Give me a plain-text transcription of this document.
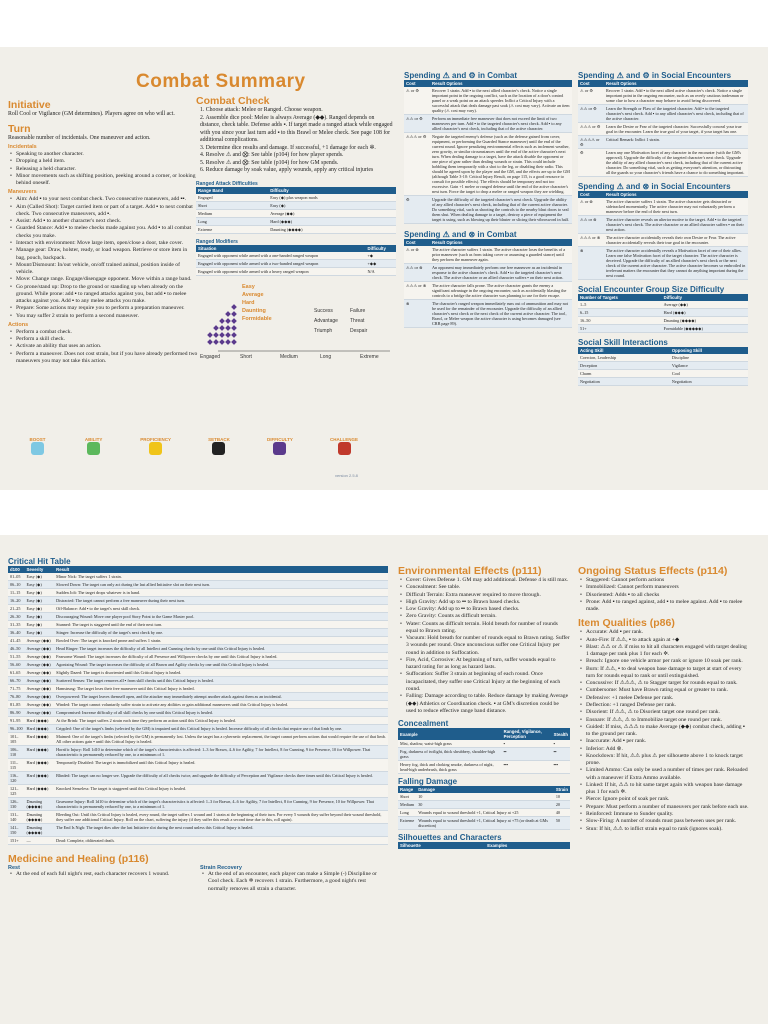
Combat Summary
Initiative

Roll Cool or Vigilance (GM determines). Players agree on who will act.

Turn

Reasonable number of incidentals. One maneuver and action.

Incidentals

• Speaking to another character.

• Dropping a held item.

• Releasing a held character.

• Minor movements such as shifting position, peeking around a corner, or looking behind oneself.

Maneuvers

• Aim: Add ▪ to your next combat check. Two consecutive maneuvers, add ▪▪.

• Aim (Called Shot): Target carried item or part of a target. Add ▪ to next combat check. Two consecutive maneuvers, add ▪.

• Assist: Add ▪ to another character's next check.

• Guarded Stance: Add ▪ to melee checks made against you. Add ▪ to all combat checks you make.

• Interact with environment: Move large item, open/close a door, take cover.

• Manage gear: Draw, holster, ready, or load weapon. Retrieve or store item in bag, pouch, backpack.

• Mount/Dismount: In/out vehicle, on/off trained animal, position inside of vehicle.

• Move: Change range. Engage/disengage opponent. Move within a range band.

• Go prone/stand up: Drop to the ground or standing up when already on the ground. While prone: add ▪ to ranged attacks against you, but add ▪ to melee attacks against you. Add ▪ to any melee attacks you make.

• Prepare: Some actions may require you to perform a preparation maneuver.

• You may suffer 2 strain to perform a second maneuver.

Actions

• Perform a combat check.

• Perform a skill check.

• Activate an ability that uses an action.

• Perform a maneuver. Does not cost strain, but if you have already performed two maneuvers you may not take this action.

Combat Check

1. Choose attack: Melee or Ranged. Choose weapon.

2. Assemble dice pool: Melee is always Average (◆◆). Ranged depends on distance, check table. Defense adds ▪. If target made a ranged attack while engaged with you since your last turn add ▪ to this Brawl or Melee check. See page 108 for additional complications.

3. Determine dice results and damage. If successful, +1 damage for each ✲.

4. Resolve ⚠ and ⨂: See table (p104) for how player spends.

5. Resolve ⚠ and ⨂: See table (p104) for how GM spends.

6. Reduce damage by soak value, apply wounds, apply any critical injuries

Ranged Attack Difficulties
Range Band	Difficulty
Engaged	Easy (◆) plus weapon mods
Short	Easy (◆)
Medium	Average (◆◆)
Long	Hard (◆◆◆)
Extreme	Daunting (◆◆◆◆)
Ranged Modifiers
Situation	Difficulty
Engaged with opponent while armed with a one-handed ranged weapon	+◆
Engaged with opponent while armed with a two-handed ranged weapon	+◆◆
Engaged with opponent while armed with a heavy ranged weapon	N/A
Easy
Average
Hard
Daunting
Formidable
Engaged	Short	Medium	Long	Extreme
Success	Failure
Advantage Threat
Triumph	Despair
BOOST	ABILITY	PROFICIENCY	SETBACK	DIFFICULTY	CHALLENGE
Spending ⚠ and ⚙ in Combat
Cost	Result Options
⚠ or ⚙	Recover 1 strain. Add ▪ to the next allied character's check. Notice a single important point in the ongoing conflict, such as the location of a door's control panel or a weak point on an attack speeder. Inflict a Critical Injury with a successful attack that deals damage past soak (⚠ cost may vary). Activate an item quality (⚠ cost may vary).
⚠⚠ or ⚙	Perform an immediate free maneuver that does not exceed the limit of two maneuvers per turn. Add ▪ to the targeted character's next check. Add ▪ to any allied character's next check, including that of the active character.
⚠⚠⚠ or ⚙	Negate the targeted enemy's defense (such as the defense gained from cover, equipment, or performing the Guarded Stance maneuver) until the end of the current round. Ignore penalizing environmental effects such as inclement weather, zero gravity, or similar circumstances until the end of the active character's next turn. When dealing damage to a target, have the attack disable the opponent or one piece of gear rather than dealing wounds or strain. This could include hobbling them temporarily with a shot to the leg, or disabling their radio. This should be agreed upon by the player and the GM, and the effects are up to the GM (although Table 3-10: Critical Injury Result, on page 115, is a good resource to consult for possible effects). The effects should be temporary and not too excessive. Gain +1 melee or ranged defense until the end of the active character's next turn. Force the target to drop a melee or ranged weapon they are wielding.
⚙	Upgrade the difficulty of the targeted character's next check. Upgrade the ability of any allied character's next check, including that of the current active character. Do something vital, such as shooting the controls to the nearby blast doors to seal them shut. When dealing damage to a target, destroy a piece of equipment the target is using, such as blowing up their blaster or slicing their vibrosword in half.
Spending ⚠ and ⊗ in Combat
Cost	Result Options
⚠ or ⊗	The active character suffers 1 strain. The active character loses the benefits of a prior maneuver (such as from taking cover or assuming a guarded stance) until they perform the maneuver again.
⚠⚠ or ⊗	An opponent may immediately perform one free maneuver as an incidental in response to the active character's check. Add ▪ to the targeted character's next check. The active character or an allied character suffers ▪ on their next action.
⚠⚠⚠ or ⊗	The active character falls prone. The active character grants the enemy a significant advantage in the ongoing encounter, such as accidentally blasting the controls to a bridge the active character was planning to use for their escape.
⊗	The character's ranged weapon immediately runs out of ammunition and may not be used for the remainder of the encounter. Upgrade the difficulty of an allied character's next check or the next check of the current active character. The tool, Brawl, or Melee weapon the active character is using becomes damaged (see CRB page 89).
Spending ⚠ and ⚙ in Social Encounters
Cost	Result Options
⚠ or ⚙	Recover 1 strain. Add ▪ to the next allied active character's check. Notice a single important point in the ongoing encounter, such as an overly cautious tradesman or some clue to how a character may behave to avoid being discovered.
⚠⚠ or ⚙	Learn the Strength or Flaw of the targeted character. Add ▪ to the targeted character's next check. Add ▪ to any allied character's next check, including that of the active character.
⚠⚠⚠ or ⚙	Learn the Desire or Fear of the targeted character. Successfully conceal your true goal in the encounter. Learn the true goal of your target, if your target has one.
⚠⚠⚠⚠ or ⚙	Critical Remark: Inflict 1 strain.
⚙	Learn any one Motivation facet of any character in the encounter (with the GM's approval). Upgrade the difficulty of the targeted character's next check. Upgrade the ability of any allied character's next check, including that of the current active character. Do something vital, such as getting everyone's attention, or distracting all the guards so your character's friends have a chance to do something important.
Spending ⚠ and ⊗ in Social Encounters
Cost	Result Options
⚠ or ⊗	The active character suffers 1 strain. The active character gets distracted or sidetracked momentarily. The active character may not voluntarily perform a maneuver before the end of their next turn.
⚠⚠ or ⊗	The active character reveals an ulterior motive to the target. Add ▪ to the targeted character's next check. The active character or an allied character suffers ▪ on their next action.
⚠⚠⚠ or ⊗	The active character accidentally reveals their own Desire or Fear. The active character accidentally reveals their true goal in the encounter.
⊗	The active character accidentally reveals a Motivation facet of one of their allies. Learn one false Motivation facet of the target character. The active character is deceived. Upgrade the difficulty of an allied character's next check or the next check of the current active character. The active character becomes so embroiled in irrelevant matters the encounter that they cannot do anything important during the next round.
Social Encounter Group Size Difficulty
Number of Targets	Difficulty
1–5	Average (◆◆)
6–15	Hard (◆◆◆)
16–50	Daunting (◆◆◆◆)
51+	Formidable (◆◆◆◆◆)
Social Skill Interactions
Acting Skill	Opposing Skill
Coercion, Leadership	Discipline
Deception	Vigilance
Charm	Cool
Negotiation	Negotiation
version 2.5.8
Critical Hit Table
d100	Severity	Result
01–05	Easy (◆)	Minor Nick: The target suffers 1 strain.
06–10	Easy (◆)	Slowed Down: The target can only act during the last allied Initiative slot on their next turn.
11–15	Easy (◆)	Sudden Jolt: The target drops whatever is in hand.
16–20	Easy (◆)	Distracted: The target cannot perform a free maneuver during their next turn.
21–25	Easy (◆)	Off-Balance: Add ▪ to the target's next skill check.
26–30	Easy (◆)	Discouraging Wound: Move one player pool Story Point to the Game Master pool.
31–35	Easy (◆)	Stunned: The target is staggered until the end of their next turn.
36–40	Easy (◆)	Stinger: Increase the difficulty of the target's next check by one.
41–45	Average (◆◆)	Bowled Over: The target is knocked prone and suffers 1 strain.
46–50	Average (◆◆)	Head Ringer: The target increases the difficulty of all Intellect and Cunning checks by one until this Critical Injury is healed.
51–55	Average (◆◆)	Fearsome Wound: The target increases the difficulty of all Presence and Willpower checks by one until this Critical Injury is healed.
56–60	Average (◆◆)	Agonizing Wound: The target increases the difficulty of all Brawn and Agility checks by one until this Critical Injury is healed.
61–65	Average (◆◆)	Slightly Dazed: The target is disoriented until this Critical Injury is healed.
66–70	Average (◆◆)	Scattered Senses: The target removes all ▪ from skill checks until this Critical Injury is healed.
71–75	Average (◆◆)	Hamstrung: The target loses their free maneuver until this Critical Injury is healed.
76–80	Average (◆◆)	Overpowered: The target leaves themself open, and the attacker may immediately attempt another attack against them as an incidental.
81–85	Average (◆◆)	Winded: The target cannot voluntarily suffer strain to activate any abilities or gain additional maneuvers until this Critical Injury is healed.
86–90	Average (◆◆)	Compromised: Increase difficulty of all skill checks by one until this Critical Injury is healed.
91–95	Hard (◆◆◆)	At the Brink: The target suffers 2 strain each time they perform an action until this Critical Injury is healed.
96–100	Hard (◆◆◆)	Crippled: One of the target's limbs (selected by the GM) is impaired until this Critical Injury is healed. Increase difficulty of all checks that require use of that limb by one.
101–105	Hard (◆◆◆)	Maimed: One of the target's limbs (selected by the GM) is permanently lost. Unless the target has a cybernetic replacement, the target cannot perform actions that would require the use of that limb. All other actions gain ▪ until this Critical Injury is healed.
106–110	Hard (◆◆◆)	Horrific Injury: Roll 1d10 to determine which of the target's characteristics is affected: 1–3 for Brawn, 4–6 for Agility, 7 for Intellect, 8 for Cunning, 9 for Presence, 10 for Willpower. That characteristic is permanently reduced by one, to a minimum of 1.
111–115	Hard (◆◆◆)	Temporarily Disabled: The target is immobilized until this Critical Injury is healed.
116–120	Hard (◆◆◆)	Blinded: The target can no longer see. Upgrade the difficulty of all checks twice, and upgrade the difficulty of Perception and Vigilance checks three times until this Critical Injury is healed.
121–125	Hard (◆◆◆)	Knocked Senseless: The target is staggered until this Critical Injury is healed.
126–130	Daunting (◆◆◆◆)	Gruesome Injury: Roll 1d10 to determine which of the target's characteristics is affected: 1–3 for Brawn, 4–6 for Agility, 7 for Intellect, 8 for Cunning, 9 for Presence, 10 for Willpower. That characteristic is permanently reduced by one, to a minimum of 1.
131–140	Daunting (◆◆◆◆)	Bleeding Out: Until this Critical Injury is healed, every round, the target suffers 1 wound and 1 strain at the beginning of their turn. For every 5 wounds they suffer beyond their wound threshold, they suffer one additional Critical Injury. Roll on the chart, suffering the injury (if they suffer this result a second time due to this, roll again).
141–150	Daunting (◆◆◆◆)	The End Is Nigh: The target dies after the last Initiative slot during the next round unless this Critical Injury is healed.
151+	—	Dead: Complete, obliterated death.
Medicine and Healing (p116)
Rest

• At the end of each full night's rest, each character recovers 1 wound.

Strain Recovery

• At the end of an encounter, each player can make a Simple (-) Discipline or Cool check. Each ✲ recovers 1 strain. Furthermore, a good night's rest normally removes all strain a character.

Environmental Effects (p111)

• Cover: Gives Defense 1. GM may add additional. Defense 4 is still max.

• Concealment: See table.

• Difficult Terrain: Extra maneuver required to move through.

• High Gravity: Add up to ▪▪ to Brawn based checks.

• Low Gravity: Add up to ▪▪ to Brawn based checks.

• Zero Gravity: Counts as difficult terrain.

• Water: Counts as difficult terrain. Hold breath for number of rounds equal to Brawn rating.

• Vacuum: Hold breath for number of rounds equal to Brawn rating. Suffer 3 wounds per round. Once unconscious suffer one Critical Injury per round in addition to Suffocation.

• Fire, Acid, Corrosive: At beginning of turn, suffer wounds equal to hazard rating for as long as hazard lasts.

• Suffocation: Suffer 3 strain at beginning of each round. Once incapacitated, they suffer one Critical Injury at the beginning of each round.

• Falling: Damage according to table. Reduce damage by making Average (◆◆) Athletics or Coordination check. ▪ at GM's discretion could be used to reduce effective range band distance.

Concealment
Example	Ranged, Vigilance, Perception	Stealth
Mist, shadow, waist-high grass	▪	▪
Fog, darkness of twilight, thick shrubbery, shoulder-high grass	▪▪	▪▪
Heavy fog, thick and choking smoke, darkness of night, head-high underbrush, thick grass	▪▪▪	▪▪▪
Falling Damage
Range	Damage	Strain
Short	10	10
Medium	30	20
Long	Wounds equal to wound threshold +1, Critical Injury at +25	40
Extreme	Wounds equal to wound threshold +1, Critical Injury at +75 (or death at GMs discretion)	50
Silhouettes and Characters
Silhouette	Examples
Ongoing Status Effects (p114)

• Staggered: Cannot perform actions

• Immobilized: Cannot perform maneuvers

• Disoriented: Adds ▪ to all checks

• Prone: Add ▪ to ranged against, add ▪ to melee against. Add ▪ to melee made.

Item Qualities (p86)

• Accurate: Add ▪ per rank.

• Auto-Fire: If ⚠⚠, ▪ to attack again at +◆

• Blast: ⚠⚠ or ⚠ if miss to hit all characters engaged with target dealing 1 damage per rank plus 1 for each ✲.

• Breach: Ignore one vehicle armor per rank or ignore 10 soak per rank.

• Burn: If ⚠⚠, ▪ to deal weapon base damage to target at start of every turn for rounds equal to rank or until extinguished.

• Concussive: If ⚠⚠⚠, ⚠ to Stagger target for rounds equal to rank.

• Cumbersome: Must have Brawn rating equal or greater to rank.

• Defensive: +1 melee Defense per rank.

• Deflection: +1 ranged Defense per rank.

• Disorient: If ⚠⚠, ⚠ to Disorient target one round per rank.

• Ensnare: If ⚠⚠, ⚠ to Immobilize target one round per rank.

• Guided: If miss, ⚠⚠⚠ to make Average (◆◆) combat check, adding ▪ to the ground per rank.

• Inaccurate: Add ▪ per rank.

• Inferior: Add ⊗.

• Knockdown: If hit, ⚠⚠ plus ⚠ per silhouette above 1 to knock target prone.

• Limited Ammo: Can only be used a number of times per rank. Reloaded with a maneuver if Extra Ammo available.

• Linked: If hit, ⚠⚠ to hit same target again with weapon base damage plus 1 for each ✲.

• Pierce: Ignore point of soak per rank.

• Prepare: Must perform a number of maneuvers per rank before each use.

• Reinforced: Immune to Sunder quality.

• Slow-Firing: A number of rounds must pass between uses per rank.

• Stun: If hit, ⚠⚠ to inflict strain equal to rank (ignores soak).
